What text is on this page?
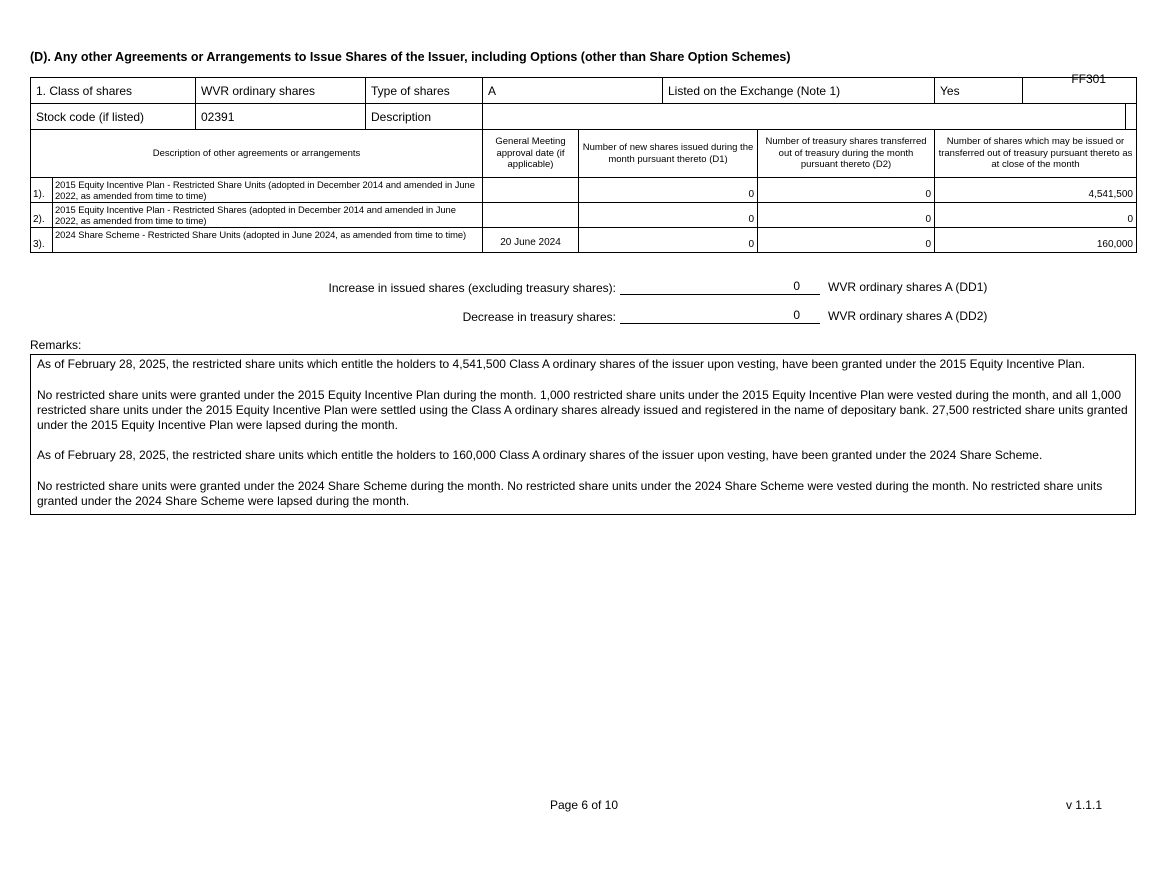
FF301
(D). Any other Agreements or Arrangements to Issue Shares of the Issuer, including Options (other than Share Option Schemes)
1. Class of shares	WVR ordinary shares	Type of shares	A	Listed on the Exchange (Note 1)	Yes	
Stock code (if listed)	02391	Description				
Description of other agreements or arrangements		General Meeting approval date (if applicable)	Number of new shares issued during the month pursuant thereto (D1)	Number of treasury shares transferred out of treasury during the month pursuant thereto (D2)	Number of shares which may be issued or transferred out of treasury pursuant thereto as at close of the month
1).	2015 Equity Incentive Plan - Restricted Share Units (adopted in December 2014 and amended in June 2022, as amended from time to time)		0	0	4,541,500
2).	2015 Equity Incentive Plan - Restricted Shares (adopted in December 2014 and amended in June 2022, as amended from time to time)		0	0	0
3).	2024 Share Scheme - Restricted Share Units (adopted in June 2024, as amended from time to time)	20 June 2024	0	0	160,000
Increase in issued shares (excluding treasury shares):	0	WVR ordinary shares A (DD1)
Decrease in treasury shares:	0	WVR ordinary shares A (DD2)
Remarks:

As of February 28, 2025, the restricted share units which entitle the holders to 4,541,500 Class A ordinary shares of the issuer upon vesting, have been granted under the 2015 Equity Incentive Plan.

No restricted share units were granted under the 2015 Equity Incentive Plan during the month. 1,000 restricted share units under the 2015 Equity Incentive Plan were vested during the month, and all 1,000 restricted share units under the 2015 Equity Incentive Plan were settled using the Class A ordinary shares already issued and registered in the name of depositary bank. 27,500 restricted share units granted under the 2015 Equity Incentive Plan were lapsed during the month.

As of February 28, 2025, the restricted share units which entitle the holders to 160,000 Class A ordinary shares of the issuer upon vesting, have been granted under the 2024 Share Scheme.

No restricted share units were granted under the 2024 Share Scheme during the month. No restricted share units under the 2024 Share Scheme were vested during the month. No restricted share units granted under the 2024 Share Scheme were lapsed during the month.

Page 6 of 10	v 1.1.1
